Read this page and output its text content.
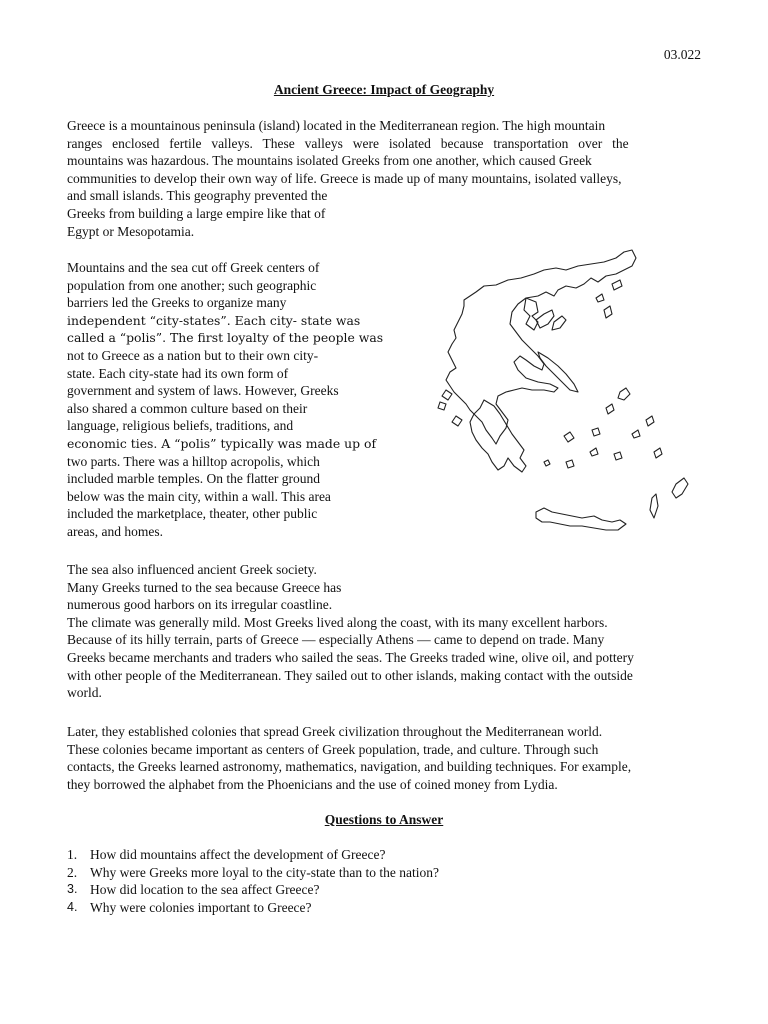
03.022
Ancient Greece: Impact of Geography
Greece is a mountainous peninsula (island) located in the Mediterranean region. The high mountain
ranges enclosed fertile valleys. These valleys were isolated because transportation over the
mountains was hazardous. The mountains isolated Greeks from one another, which caused Greek
communities to develop their own way of life. Greece is made up of many mountains, isolated valleys,
and small islands. This geography prevented the
Greeks from building a large empire like that of
Egypt or Mesopotamia.
Mountains and the sea cut off Greek centers of
population from one another; such geographic
barriers led the Greeks to organize many
independent “city-states”. Each city- state was
called a “polis”. The first loyalty of the people was
not to Greece as a nation but to their own city-
state. Each city-state had its own form of
government and system of laws. However, Greeks
also shared a common culture based on their
language, religious beliefs, traditions, and
economic ties. A “polis” typically was made up of
two parts. There was a hilltop acropolis, which
included marble temples. On the flatter ground
below was the main city, within a wall. This area
included the marketplace, theater, other public
areas, and homes.
The sea also influenced ancient Greek society.
Many Greeks turned to the sea because Greece has
numerous good harbors on its irregular coastline.
The climate was generally mild. Most Greeks lived along the coast, with its many excellent harbors.
Because of its hilly terrain, parts of Greece — especially Athens — came to depend on trade. Many
Greeks became merchants and traders who sailed the seas. The Greeks traded wine, olive oil, and pottery
with other people of the Mediterranean. They sailed out to other islands, making contact with the outside
world.
Later, they established colonies that spread Greek civilization throughout the Mediterranean world.
These colonies became important as centers of Greek population, trade, and culture. Through such
contacts, the Greeks learned astronomy, mathematics, navigation, and building techniques. For example,
they borrowed the alphabet from the Phoenicians and the use of coined money from Lydia.
Questions to Answer
1. How did mountains affect the development of Greece?
2. Why were Greeks more loyal to the city-state than to the nation?
3. How did location to the sea affect Greece?
4. Why were colonies important to Greece?
